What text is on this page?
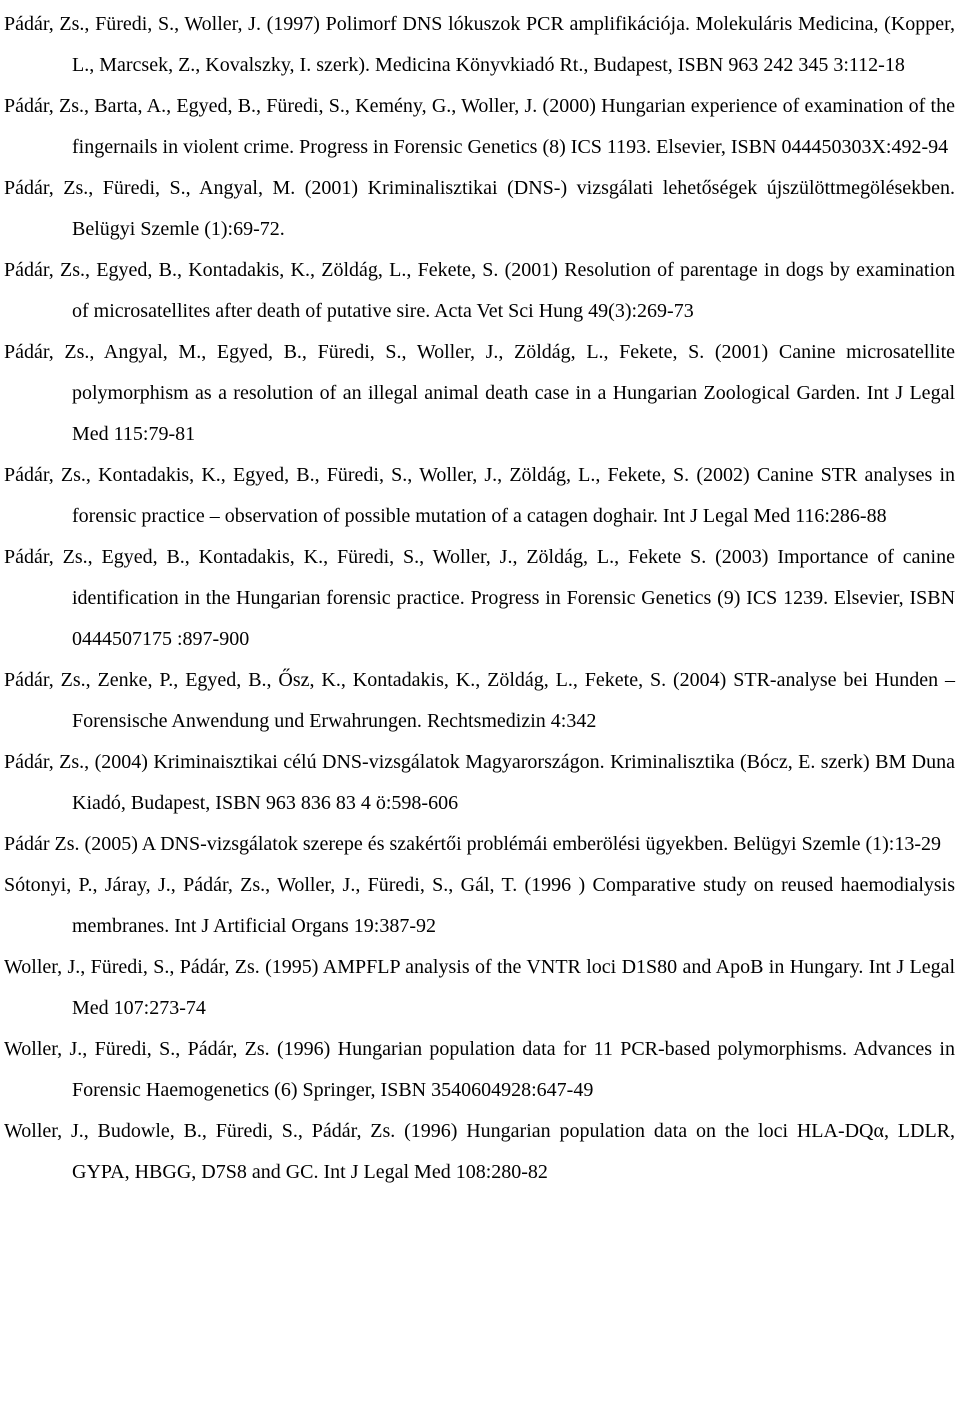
Pádár, Zs., Füredi, S., Woller, J. (1997) Polimorf DNS lókuszok PCR amplifikációja. Molekuláris Medicina, (Kopper, L., Marcsek, Z., Kovalszky, I. szerk). Medicina Könyvkiadó Rt., Budapest, ISBN 963 242 345 3:112-18

Pádár, Zs., Barta, A., Egyed, B., Füredi, S., Kemény, G., Woller, J. (2000) Hungarian experience of examination of the fingernails in violent crime. Progress in Forensic Genetics (8) ICS 1193. Elsevier, ISBN 044450303X:492-94

Pádár, Zs., Füredi, S., Angyal, M. (2001) Kriminalisztikai (DNS-) vizsgálati lehetőségek újszülöttmegölésekben. Belügyi Szemle (1):69-72.

Pádár, Zs., Egyed, B., Kontadakis, K., Zöldág, L., Fekete, S. (2001) Resolution of parentage in dogs by examination of microsatellites after death of putative sire. Acta Vet Sci Hung 49(3):269-73

Pádár, Zs., Angyal, M., Egyed, B., Füredi, S., Woller, J., Zöldág, L., Fekete, S. (2001) Canine microsatellite polymorphism as a resolution of an illegal animal death case in a Hungarian Zoological Garden. Int J Legal Med 115:79-81

Pádár, Zs., Kontadakis, K., Egyed, B., Füredi, S., Woller, J., Zöldág, L., Fekete, S. (2002) Canine STR analyses in forensic practice – observation of possible mutation of a catagen doghair. Int J Legal Med 116:286-88

Pádár, Zs., Egyed, B., Kontadakis, K., Füredi, S., Woller, J., Zöldág, L., Fekete S. (2003) Importance of canine identification in the Hungarian forensic practice. Progress in Forensic Genetics (9) ICS 1239. Elsevier, ISBN 0444507175 :897-900

Pádár, Zs., Zenke, P., Egyed, B., Ősz, K., Kontadakis, K., Zöldág, L., Fekete, S. (2004) STR-analyse bei Hunden – Forensische Anwendung und Erwahrungen. Rechtsmedizin 4:342

Pádár, Zs., (2004) Kriminaisztikai célú DNS-vizsgálatok Magyarországon. Kriminalisztika (Bócz, E. szerk) BM Duna Kiadó, Budapest, ISBN 963 836 83 4 ö:598-606

Pádár Zs. (2005) A DNS-vizsgálatok szerepe és szakértői problémái emberölési ügyekben. Belügyi Szemle (1):13-29

Sótonyi, P., Járay, J., Pádár, Zs., Woller, J., Füredi, S., Gál, T. (1996 ) Comparative study on reused haemodialysis membranes. Int J Artificial Organs 19:387-92

Woller, J., Füredi, S., Pádár, Zs. (1995) AMPFLP analysis of the VNTR loci D1S80 and ApoB in Hungary. Int J Legal Med 107:273-74

Woller, J., Füredi, S., Pádár, Zs. (1996) Hungarian population data for 11 PCR-based polymorphisms. Advances in Forensic Haemogenetics (6) Springer, ISBN 3540604928:647-49

Woller, J., Budowle, B., Füredi, S., Pádár, Zs. (1996) Hungarian population data on the loci HLA-DQα, LDLR, GYPA, HBGG, D7S8 and GC. Int J Legal Med 108:280-82
